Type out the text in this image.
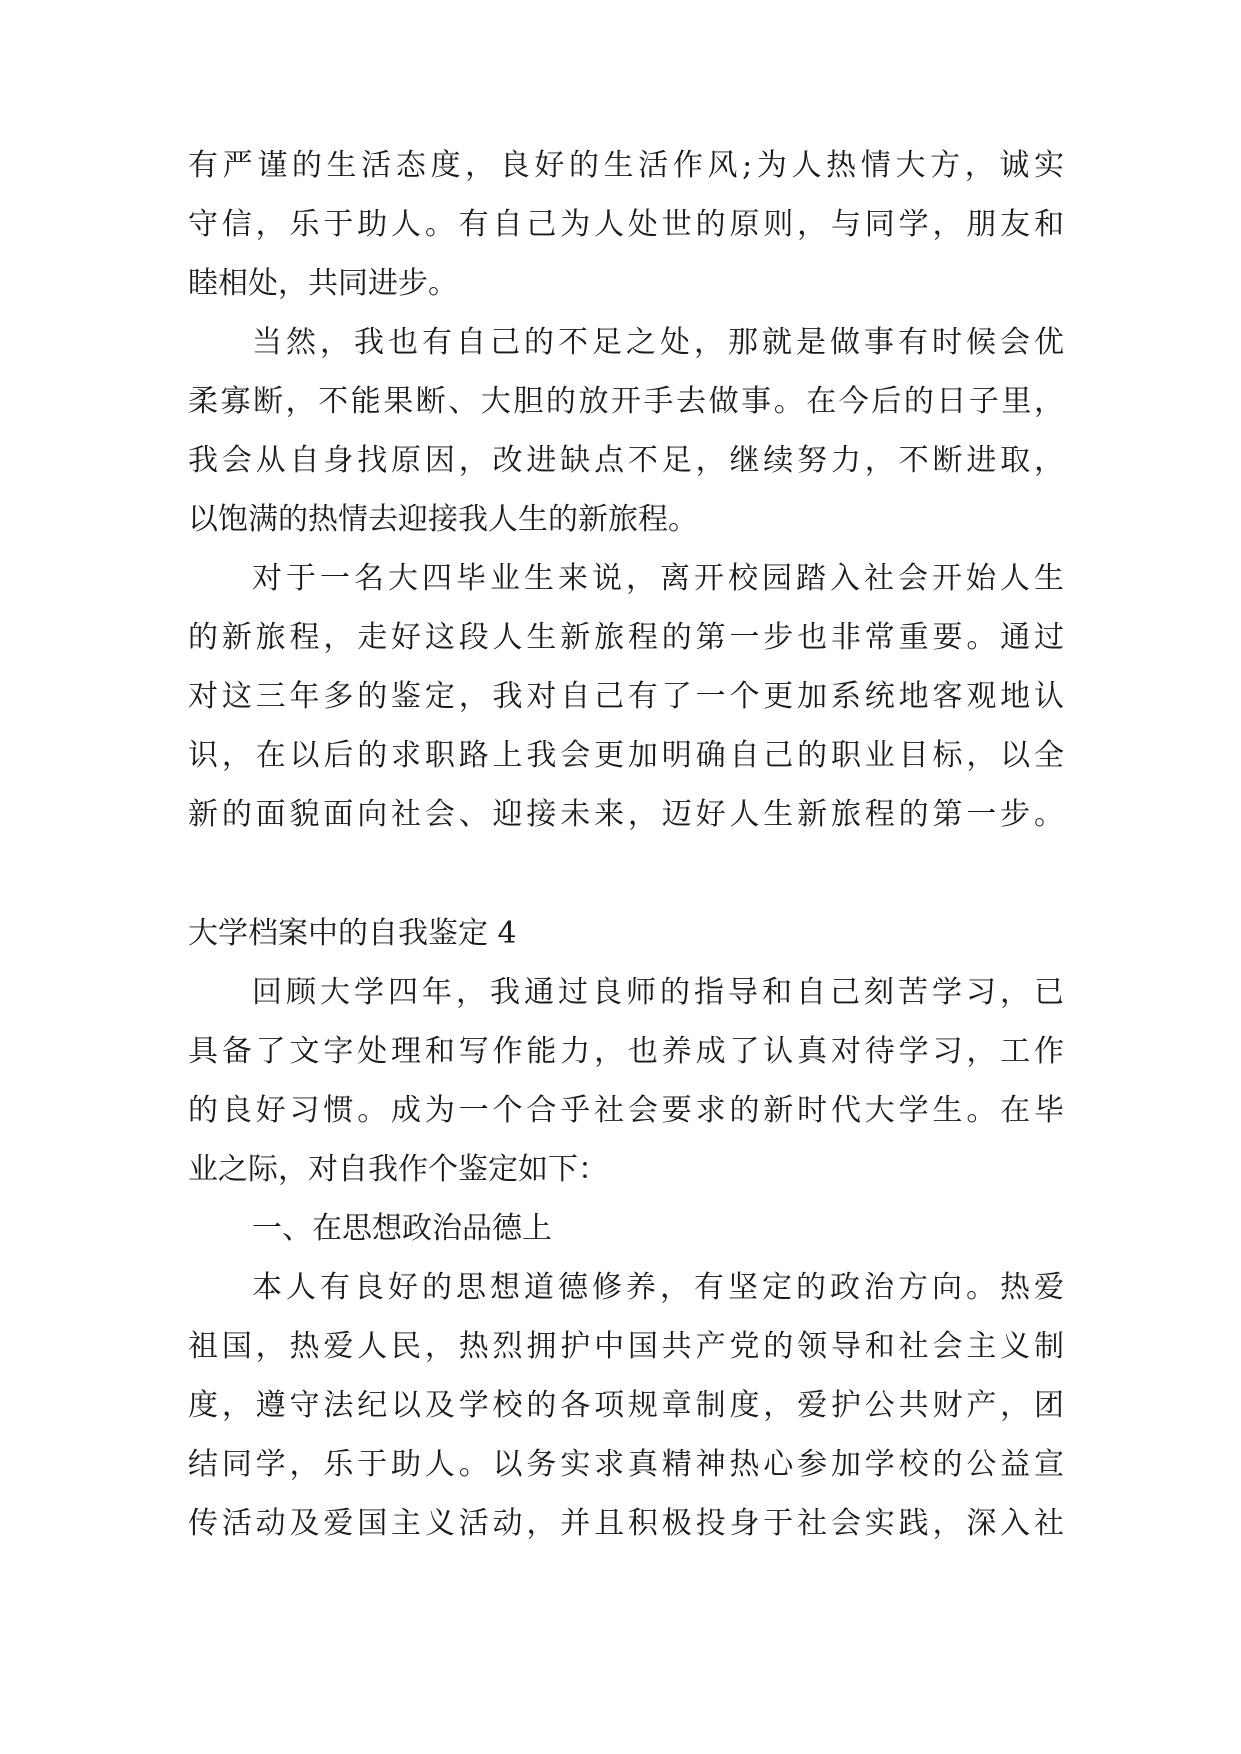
有严谨的生活态度，良好的生活作风;为人热情大方，诚实
守信，乐于助人。有自己为人处世的原则，与同学，朋友和
睦相处，共同进步。
当然，我也有自己的不足之处，那就是做事有时候会优
柔寡断，不能果断、大胆的放开手去做事。在今后的日子里，
我会从自身找原因，改进缺点不足，继续努力，不断进取，
以饱满的热情去迎接我人生的新旅程。
对于一名大四毕业生来说，离开校园踏入社会开始人生
的新旅程，走好这段人生新旅程的第一步也非常重要。通过
对这三年多的鉴定，我对自己有了一个更加系统地客观地认
识，在以后的求职路上我会更加明确自己的职业目标，以全
新的面貌面向社会、迎接未来，迈好人生新旅程的第一步。
大学档案中的自我鉴定 4
回顾大学四年，我通过良师的指导和自己刻苦学习，已
具备了文字处理和写作能力，也养成了认真对待学习，工作
的良好习惯。成为一个合乎社会要求的新时代大学生。在毕
业之际，对自我作个鉴定如下：
一、在思想政治品德上
本人有良好的思想道德修养，有坚定的政治方向。热爱
祖国，热爱人民，热烈拥护中国共产党的领导和社会主义制
度，遵守法纪以及学校的各项规章制度，爱护公共财产，团
结同学，乐于助人。以务实求真精神热心参加学校的公益宣
传活动及爱国主义活动，并且积极投身于社会实践，深入社
